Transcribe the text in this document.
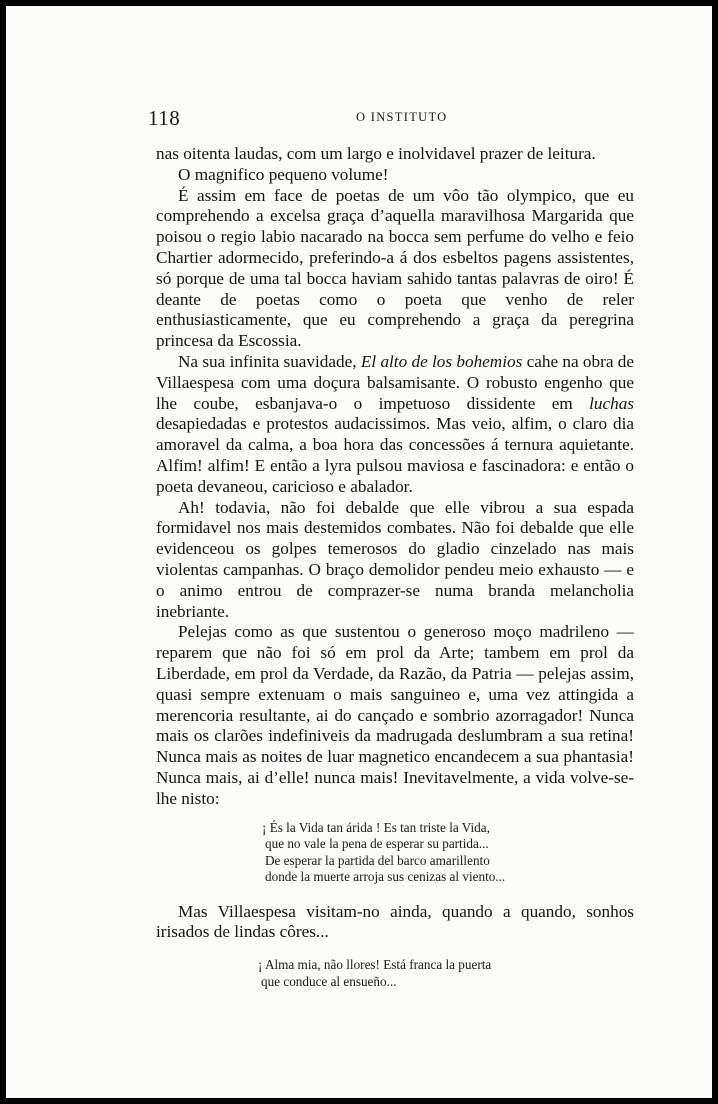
118	O INSTITUTO

nas oitenta laudas, com um largo e inolvidavel prazer de leitura.

O magnifico pequeno volume!

É assim em face de poetas de um vôo tão olympico, que eu comprehendo a excelsa graça d’aquella maravilhosa Margarida que poisou o regio labio nacarado na bocca sem perfume do velho e feio Chartier adormecido, preferindo-a á dos esbeltos pagens assistentes, só porque de uma tal bocca haviam sahido tantas palavras de oiro! É deante de poetas como o poeta que venho de reler enthusiasticamente, que eu comprehendo a graça da peregrina princesa da Escossia.

Na sua infinita suavidade, El alto de los bohemios cahe na obra de Villaespesa com uma doçura balsamisante. O robusto engenho que lhe coube, esbanjava-o o impetuoso dissidente em luchas desapiedadas e protestos audacissimos. Mas veio, alfim, o claro dia amoravel da calma, a boa hora das concessões á ternura aquietante. Alfim! alfim! E então a lyra pulsou maviosa e fascinadora: e então o poeta devaneou, caricioso e abalador.

Ah! todavia, não foi debalde que elle vibrou a sua espada formidavel nos mais destemidos combates. Não foi debalde que elle evidenceou os golpes temerosos do gladio cinzelado nas mais violentas campanhas. O braço demolidor pendeu meio exhausto — e o animo entrou de comprazer-se numa branda melancholia inebriante.

Pelejas como as que sustentou o generoso moço madrileno — reparem que não foi só em prol da Arte; tambem em prol da Liberdade, em prol da Verdade, da Razão, da Patria — pelejas assim, quasi sempre extenuam o mais sanguineo e, uma vez attingida a merencoria resultante, ai do cançado e sombrio azorragador! Nunca mais os clarões indefiniveis da madrugada deslumbram a sua retina! Nunca mais as noites de luar magnetico encandecem a sua phantasia! Nunca mais, ai d’elle! nunca mais! Inevitavelmente, a vida volve-se-lhe nisto:

¡ És la Vida tan árida ! Es tan triste la Vida,
que no vale la pena de esperar su partida...
De esperar la partida del barco amarillento
donde la muerte arroja sus cenizas al viento...

Mas Villaespesa visitam-no ainda, quando a quando, sonhos irisados de lindas côres...

¡ Alma mia, não llores! Está franca la puerta
que conduce al ensueño...
